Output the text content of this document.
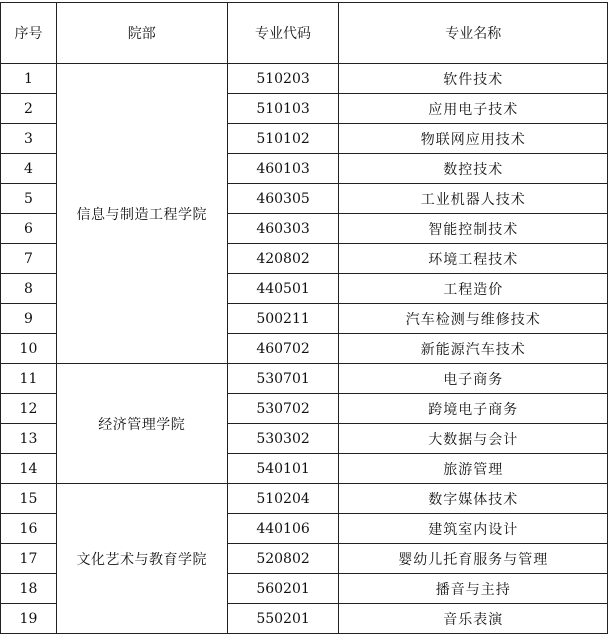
序号	院部	专业代码	专业名称
1	信息与制造工程学院	510203	软件技术
2		510103	应用电子技术
3		510102	物联网应用技术
4		460103	数控技术
5		460305	工业机器人技术
6		460303	智能控制技术
7		420802	环境工程技术
8		440501	工程造价
9		500211	汽车检测与维修技术
10		460702	新能源汽车技术
11	经济管理学院	530701	电子商务
12		530702	跨境电子商务
13		530302	大数据与会计
14		540101	旅游管理
15	文化艺术与教育学院	510204	数字媒体技术
16		440106	建筑室内设计
17		520802	婴幼儿托育服务与管理
18		560201	播音与主持
19		550201	音乐表演
